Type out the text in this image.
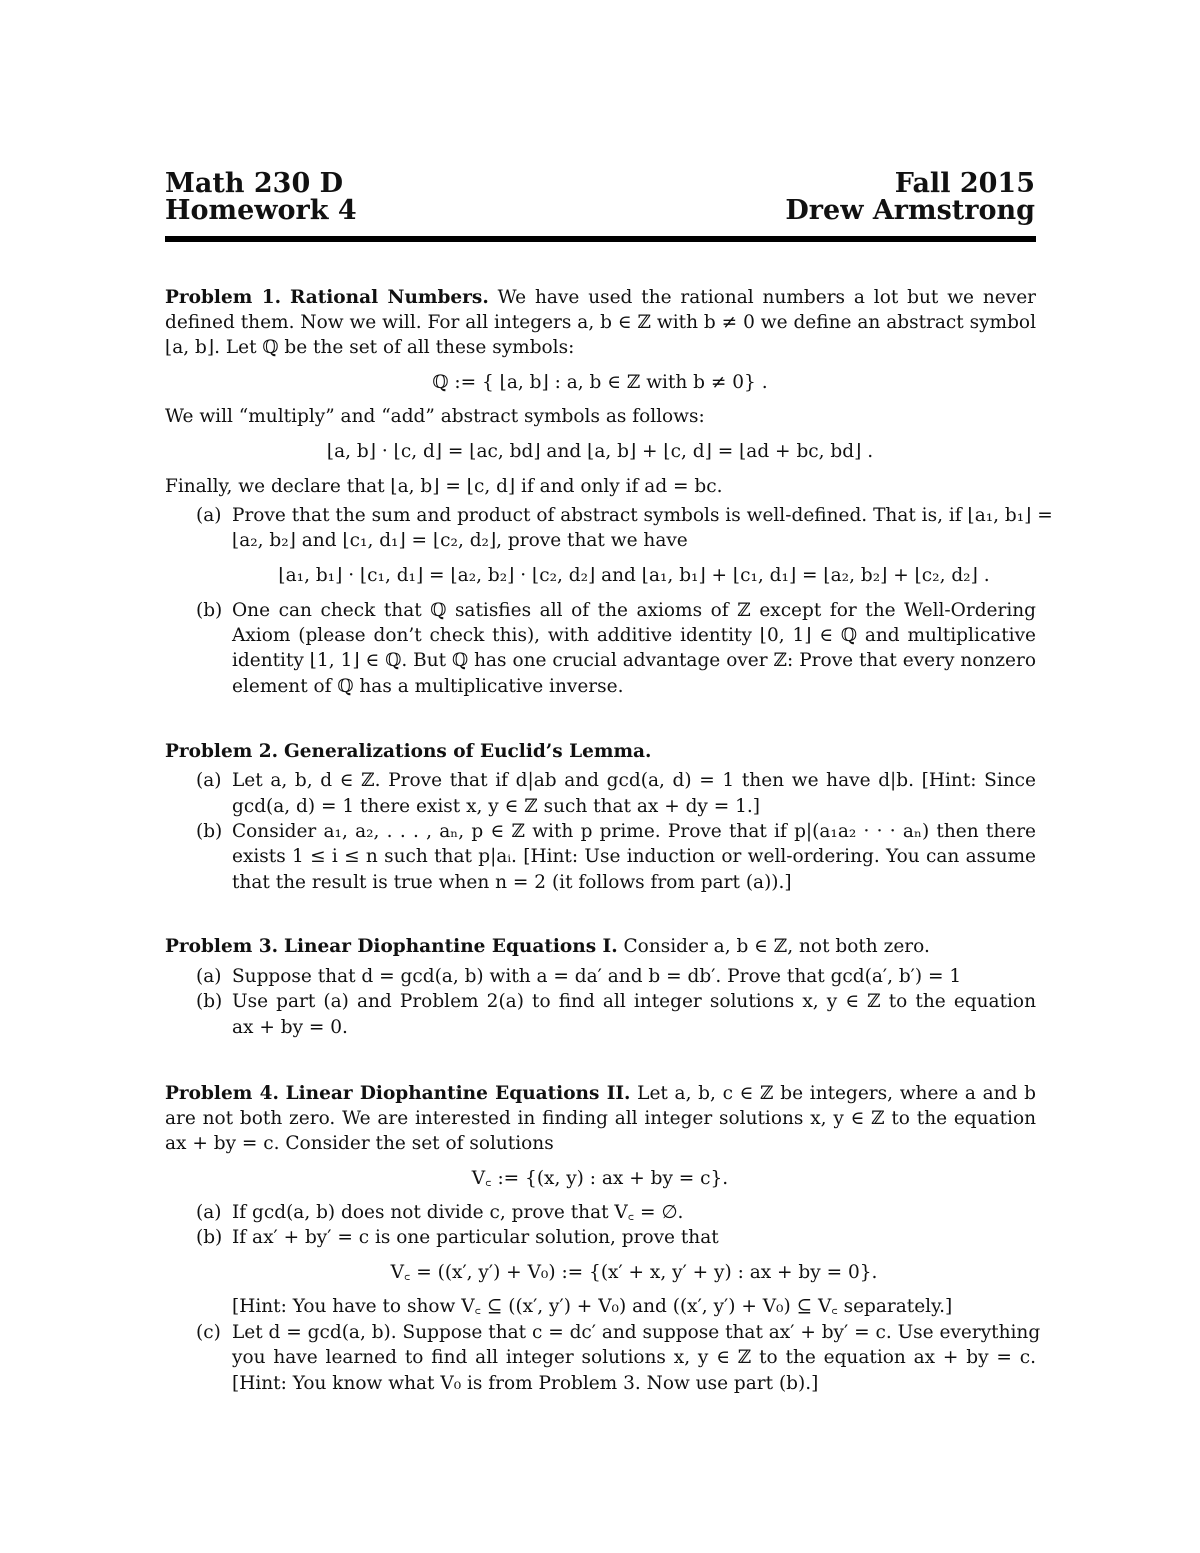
Math 230 D	Fall 2015
Homework 4	Drew Armstrong
Problem 1. Rational Numbers. We have used the rational numbers a lot but we never
defined them. Now we will. For all integers a, b ∈ ℤ with b ≠ 0 we define an abstract symbol
⌊a, b⌋. Let ℚ be the set of all these symbols:
ℚ := { ⌊a, b⌋ : a, b ∈ ℤ with b ≠ 0} .
We will “multiply” and “add” abstract symbols as follows:
⌊a, b⌋ · ⌊c, d⌋ = ⌊ac, bd⌋ and ⌊a, b⌋ + ⌊c, d⌋ = ⌊ad + bc, bd⌋ .
Finally, we declare that ⌊a, b⌋ = ⌊c, d⌋ if and only if ad = bc.
(a) Prove that the sum and product of abstract symbols is well-defined. That is, if ⌊a₁, b₁⌋ =
⌊a₂, b₂⌋ and ⌊c₁, d₁⌋ = ⌊c₂, d₂⌋, prove that we have
⌊a₁, b₁⌋ · ⌊c₁, d₁⌋ = ⌊a₂, b₂⌋ · ⌊c₂, d₂⌋ and ⌊a₁, b₁⌋ + ⌊c₁, d₁⌋ = ⌊a₂, b₂⌋ + ⌊c₂, d₂⌋ .
(b) One can check that ℚ satisfies all of the axioms of ℤ except for the Well-Ordering
Axiom (please don’t check this), with additive identity ⌊0, 1⌋ ∈ ℚ and multiplicative
identity ⌊1, 1⌋ ∈ ℚ. But ℚ has one crucial advantage over ℤ: Prove that every nonzero
element of ℚ has a multiplicative inverse.
Problem 2. Generalizations of Euclid’s Lemma.
(a) Let a, b, d ∈ ℤ. Prove that if d|ab and gcd(a, d) = 1 then we have d|b. [Hint: Since
gcd(a, d) = 1 there exist x, y ∈ ℤ such that ax + dy = 1.]
(b) Consider a₁, a₂, . . . , aₙ, p ∈ ℤ with p prime. Prove that if p|(a₁a₂ · · · aₙ) then there
exists 1 ≤ i ≤ n such that p|aᵢ. [Hint: Use induction or well-ordering. You can assume
that the result is true when n = 2 (it follows from part (a)).]
Problem 3. Linear Diophantine Equations I. Consider a, b ∈ ℤ, not both zero.
(a) Suppose that d = gcd(a, b) with a = da′ and b = db′. Prove that gcd(a′, b′) = 1
(b) Use part (a) and Problem 2(a) to find all integer solutions x, y ∈ ℤ to the equation
ax + by = 0.
Problem 4. Linear Diophantine Equations II. Let a, b, c ∈ ℤ be integers, where a and b
are not both zero. We are interested in finding all integer solutions x, y ∈ ℤ to the equation
ax + by = c. Consider the set of solutions
V꜀ := {(x, y) : ax + by = c}.
(a) If gcd(a, b) does not divide c, prove that V꜀ = ∅.
(b) If ax′ + by′ = c is one particular solution, prove that
V꜀ = ((x′, y′) + V₀) := {(x′ + x, y′ + y) : ax + by = 0}.
[Hint: You have to show V꜀ ⊆ ((x′, y′) + V₀) and ((x′, y′) + V₀) ⊆ V꜀ separately.]
(c) Let d = gcd(a, b). Suppose that c = dc′ and suppose that ax′ + by′ = c. Use everything
you have learned to find all integer solutions x, y ∈ ℤ to the equation ax + by = c.
[Hint: You know what V₀ is from Problem 3. Now use part (b).]
